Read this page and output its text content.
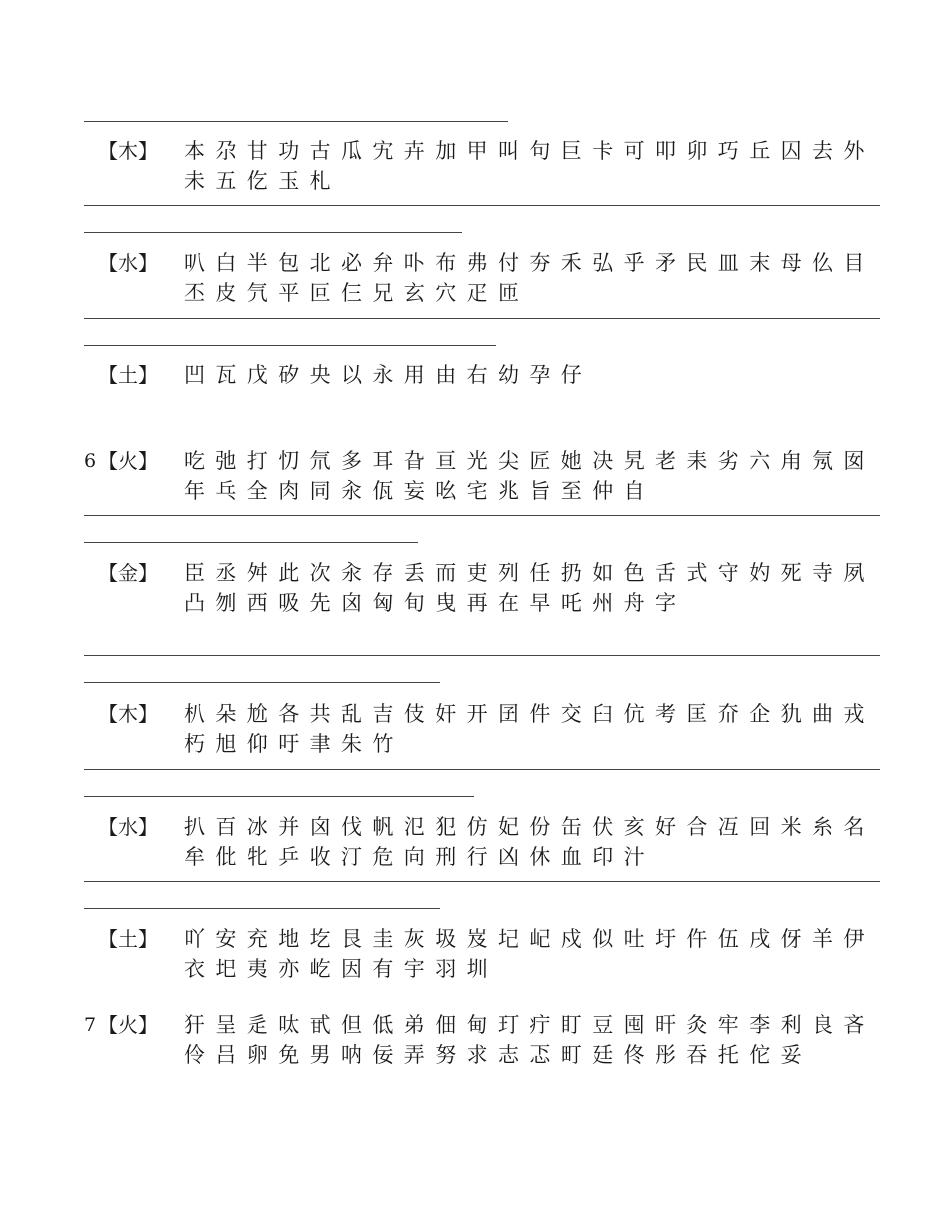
【木】 本尕甘功古瓜宄卉加甲叫句巨卡可叩卯巧丘囚去外未五仡玉札
【水】 叭白半包北必弁卟布弗付夯禾弘乎矛民皿末母仫目丕皮氕平叵仨兄玄穴疋匝
【土】 凹瓦戊矽央以永用由右幼孕仔
6 【火】 吃弛打忉氘多耳旮亘光尖匠她决旯老耒劣六甪氖囡年乓全肉同汆佤妄吆宅兆旨至仲自
【金】 臣丞舛此次汆存丢而吏列任扔如色舌式守妁死寺夙凸刎西吸先囟匈旬曳再在早吒州舟字
【木】 朳朵尬各共乱吉伎奸开囝件交臼伉考匡夼企犰曲戎朽旭仰吁聿朱竹
【水】 扒百冰并囟伐帆氾犯仿妃份缶伏亥好合冱回米糸名牟仳牝乒收汀危向刑行凶休血印汁
【土】 吖安充地圪艮圭灰圾岌圮屺戍似吐圩仵伍戌伢羊伊衣圯夷亦屹因有宇羽圳
7 【火】 犴呈辵呔甙但低弟佃甸玎疔盯豆囤旰灸牢李利良吝伶吕卵免男呐佞弄努求志忑町廷佟彤吞托佗妥
